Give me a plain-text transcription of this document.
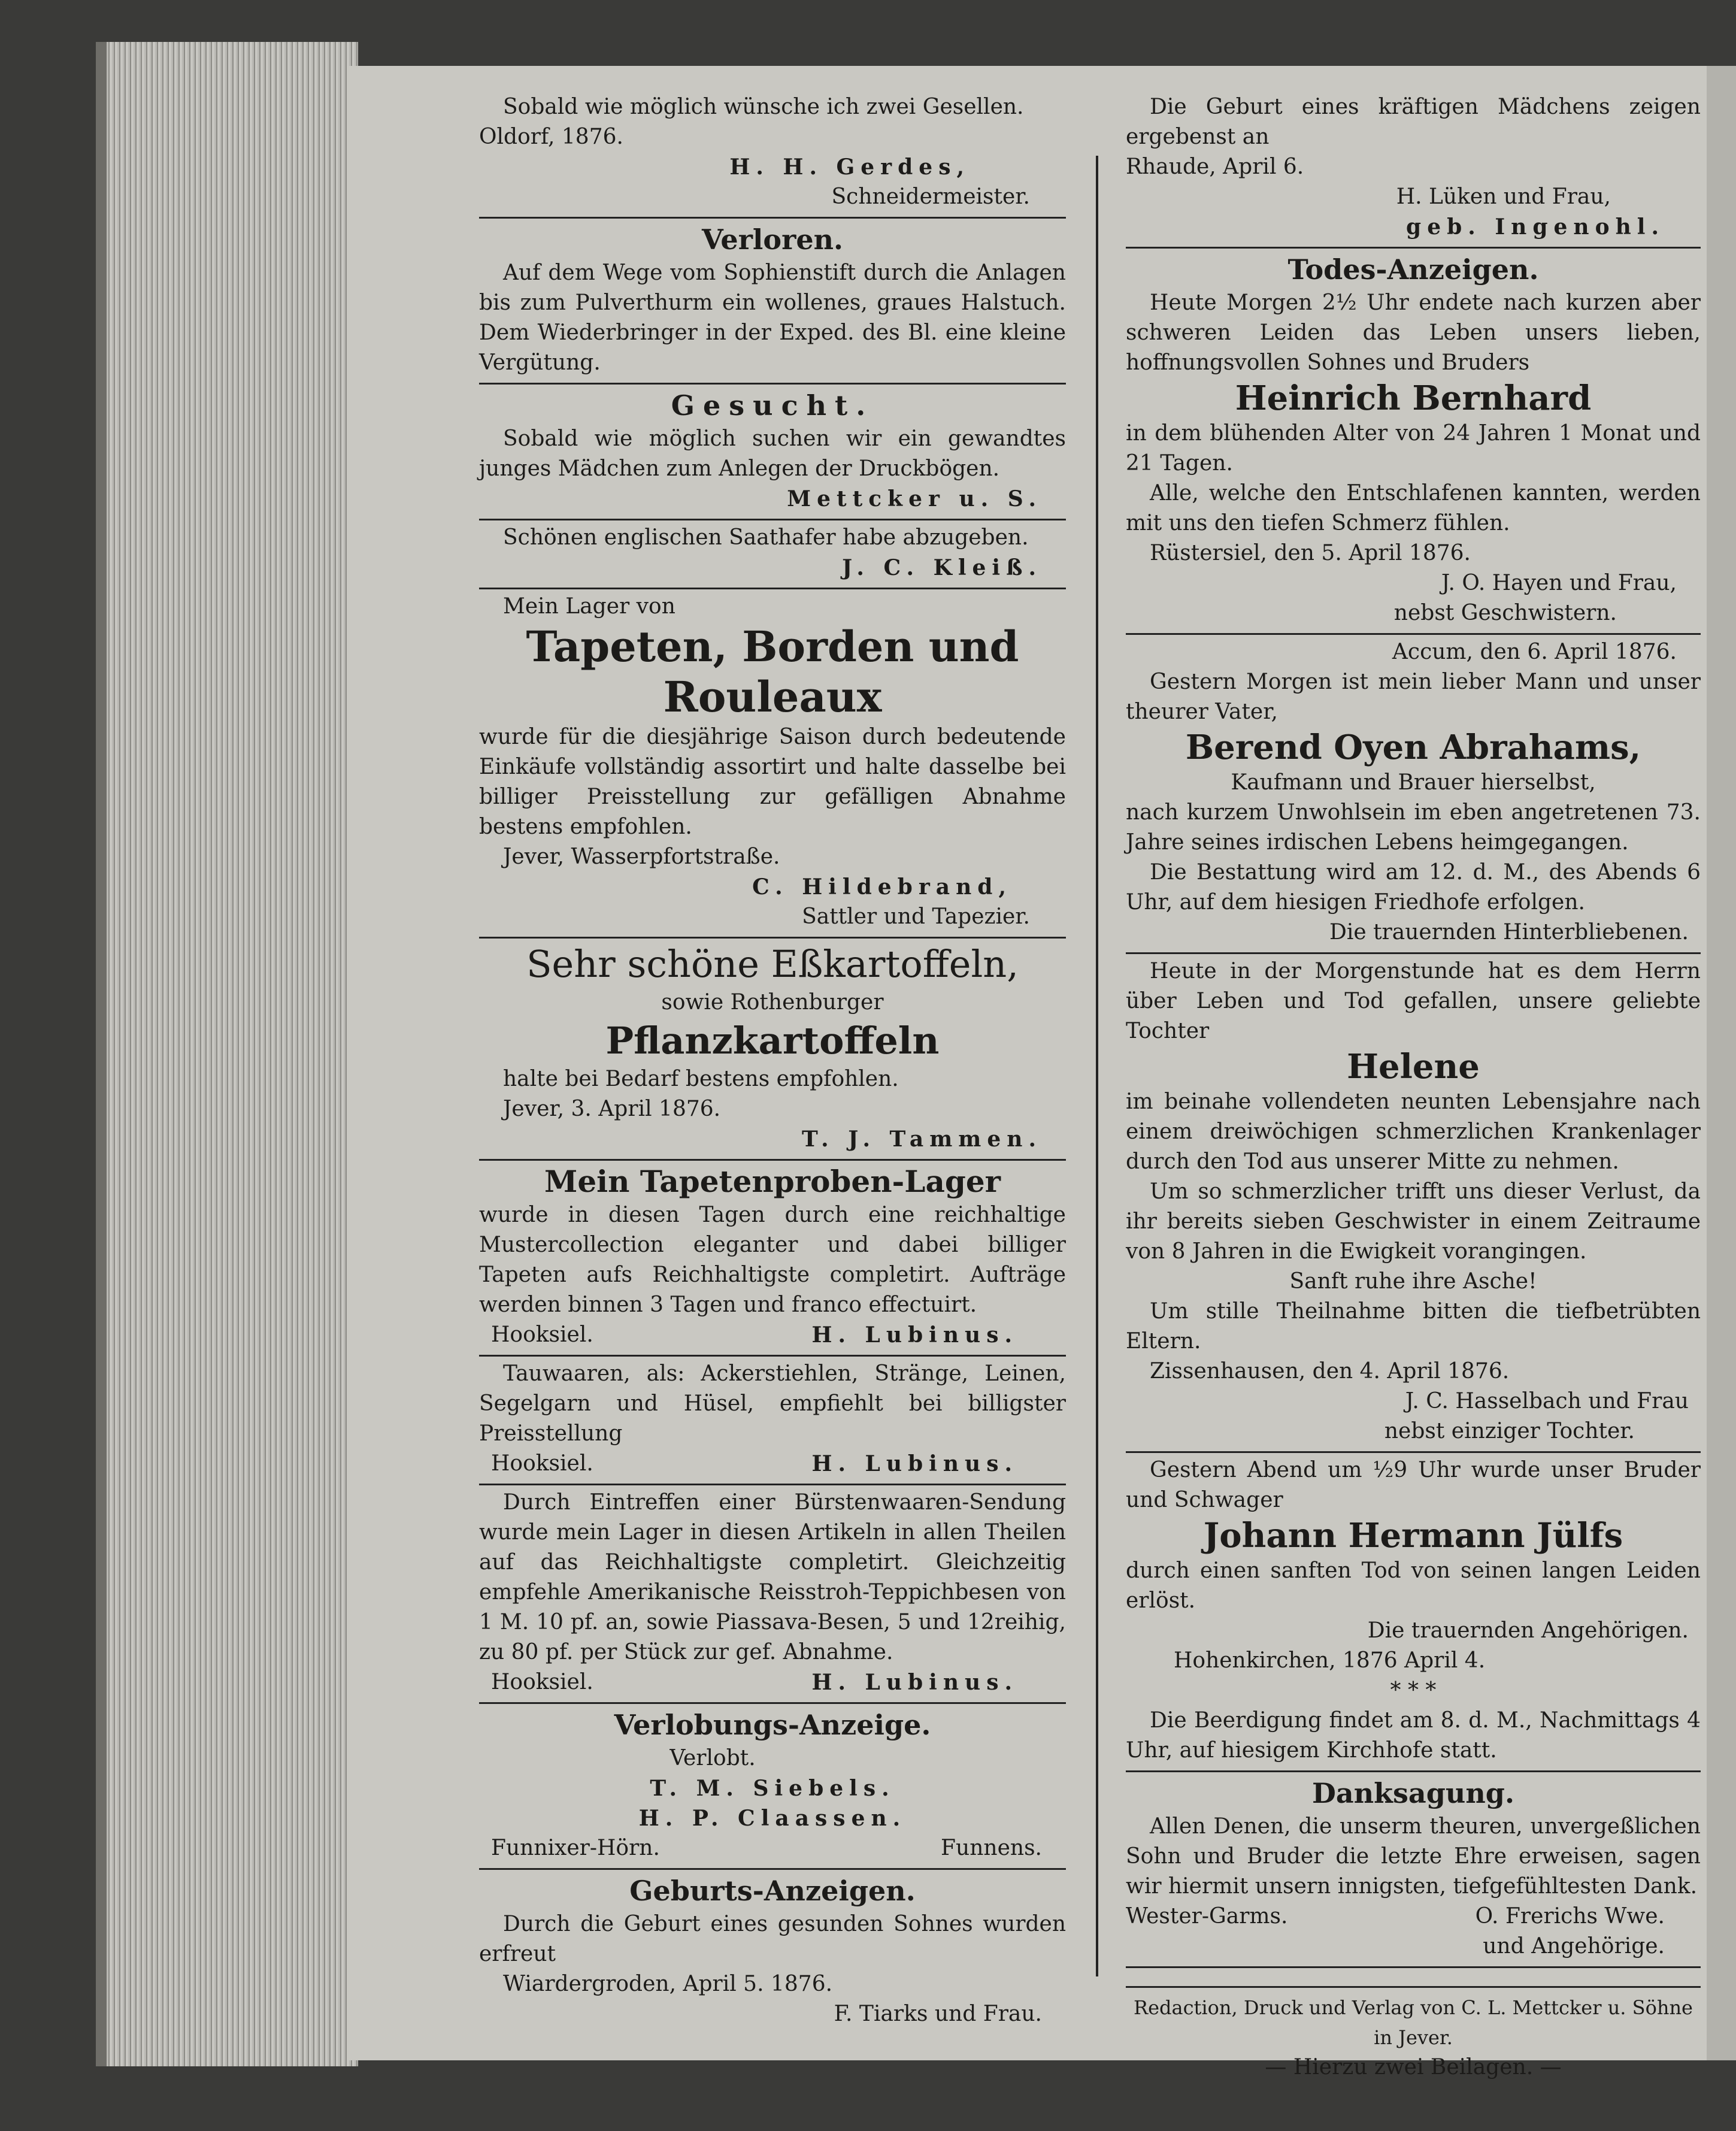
Sobald wie möglich wünsche ich zwei Gesellen.

Oldorf, 1876.

H. H. Gerdes,

Schneidermeister.

Verloren.

Auf dem Wege vom Sophienstift durch die Anlagen bis zum Pulverthurm ein wollenes, graues Halstuch. Dem Wiederbringer in der Exped. des Bl. eine kleine Vergütung.

Gesucht.

Sobald wie möglich suchen wir ein gewandtes junges Mädchen zum Anlegen der Druckbögen.

Mettcker u. S.

Schönen englischen Saathafer habe abzugeben.

J. C. Kleiß.

Mein Lager von

Tapeten, Borden und Rouleaux

wurde für die diesjährige Saison durch bedeutende Einkäufe vollständig assortirt und halte dasselbe bei billiger Preisstellung zur gefälligen Abnahme bestens empfohlen.

Jever, Wasserpfortstraße.

C. Hildebrand,

Sattler und Tapezier.

Sehr schöne Eßkartoffeln,

sowie Rothenburger

Pflanzkartoffeln

halte bei Bedarf bestens empfohlen.

Jever, 3. April 1876.

T. J. Tammen.

Mein Tapetenproben-Lager

wurde in diesen Tagen durch eine reichhaltige Mustercollection eleganter und dabei billiger Tapeten aufs Reichhaltigste completirt. Aufträge werden binnen 3 Tagen und franco effectuirt.

Hooksiel.	H. Lubinus.

Tauwaaren, als: Ackerstiehlen, Stränge, Leinen, Segelgarn und Hüsel, empfiehlt bei billigster Preisstellung

Hooksiel.	H. Lubinus.

Durch Eintreffen einer Bürstenwaaren-Sendung wurde mein Lager in diesen Artikeln in allen Theilen auf das Reichhaltigste completirt. Gleichzeitig empfehle Amerikanische Reisstroh-Teppichbesen von 1 M. 10 pf. an, sowie Piassava-Besen, 5 und 12reihig, zu 80 pf. per Stück zur gef. Abnahme.

Hooksiel.	H. Lubinus.
Verlobungs-Anzeige.

Verlobt.

T. M. Siebels.

H. P. Claassen.

Funnixer-Hörn.	Funnens.
Geburts-Anzeigen.

Durch die Geburt eines gesunden Sohnes wurden erfreut

Wiardergroden, April 5. 1876.

F. Tiarks und Frau.

Die Geburt eines kräftigen Mädchens zeigen ergebenst an

Rhaude, April 6.

H. Lüken und Frau,

geb. Ingenohl.

Todes-Anzeigen.

Heute Morgen 2½ Uhr endete nach kurzen aber schweren Leiden das Leben unsers lieben, hoffnungsvollen Sohnes und Bruders

Heinrich Bernhard

in dem blühenden Alter von 24 Jahren 1 Monat und 21 Tagen.

Alle, welche den Entschlafenen kannten, werden mit uns den tiefen Schmerz fühlen.

Rüstersiel, den 5. April 1876.

J. O. Hayen und Frau,

nebst Geschwistern.

Accum, den 6. April 1876.

Gestern Morgen ist mein lieber Mann und unser theurer Vater,

Berend Oyen Abrahams,

Kaufmann und Brauer hierselbst,

nach kurzem Unwohlsein im eben angetretenen 73. Jahre seines irdischen Lebens heimgegangen.

Die Bestattung wird am 12. d. M., des Abends 6 Uhr, auf dem hiesigen Friedhofe erfolgen.

Die trauernden Hinterbliebenen.

Heute in der Morgenstunde hat es dem Herrn über Leben und Tod gefallen, unsere geliebte Tochter

Helene

im beinahe vollendeten neunten Lebensjahre nach einem dreiwöchigen schmerzlichen Krankenlager durch den Tod aus unserer Mitte zu nehmen.

Um so schmerzlicher trifft uns dieser Verlust, da ihr bereits sieben Geschwister in einem Zeitraume von 8 Jahren in die Ewigkeit vorangingen.

Sanft ruhe ihre Asche!

Um stille Theilnahme bitten die tiefbetrübten Eltern.

Zissenhausen, den 4. April 1876.

J. C. Hasselbach und Frau

nebst einziger Tochter.

Gestern Abend um ½9 Uhr wurde unser Bruder und Schwager

Johann Hermann Jülfs

durch einen sanften Tod von seinen langen Leiden erlöst.

Die trauernden Angehörigen.

Hohenkirchen, 1876 April 4.

* * *

Die Beerdigung findet am 8. d. M., Nachmittags 4 Uhr, auf hiesigem Kirchhofe statt.

Danksagung.

Allen Denen, die unserm theuren, unvergeßlichen Sohn und Bruder die letzte Ehre erweisen, sagen wir hiermit unsern innigsten, tiefgefühltesten Dank.

Wester-Garms.	O. Frerichs Wwe.

und Angehörige.

Redaction, Druck und Verlag von C. L. Mettcker u. Söhne in Jever.

— Hierzu zwei Beilagen. —
